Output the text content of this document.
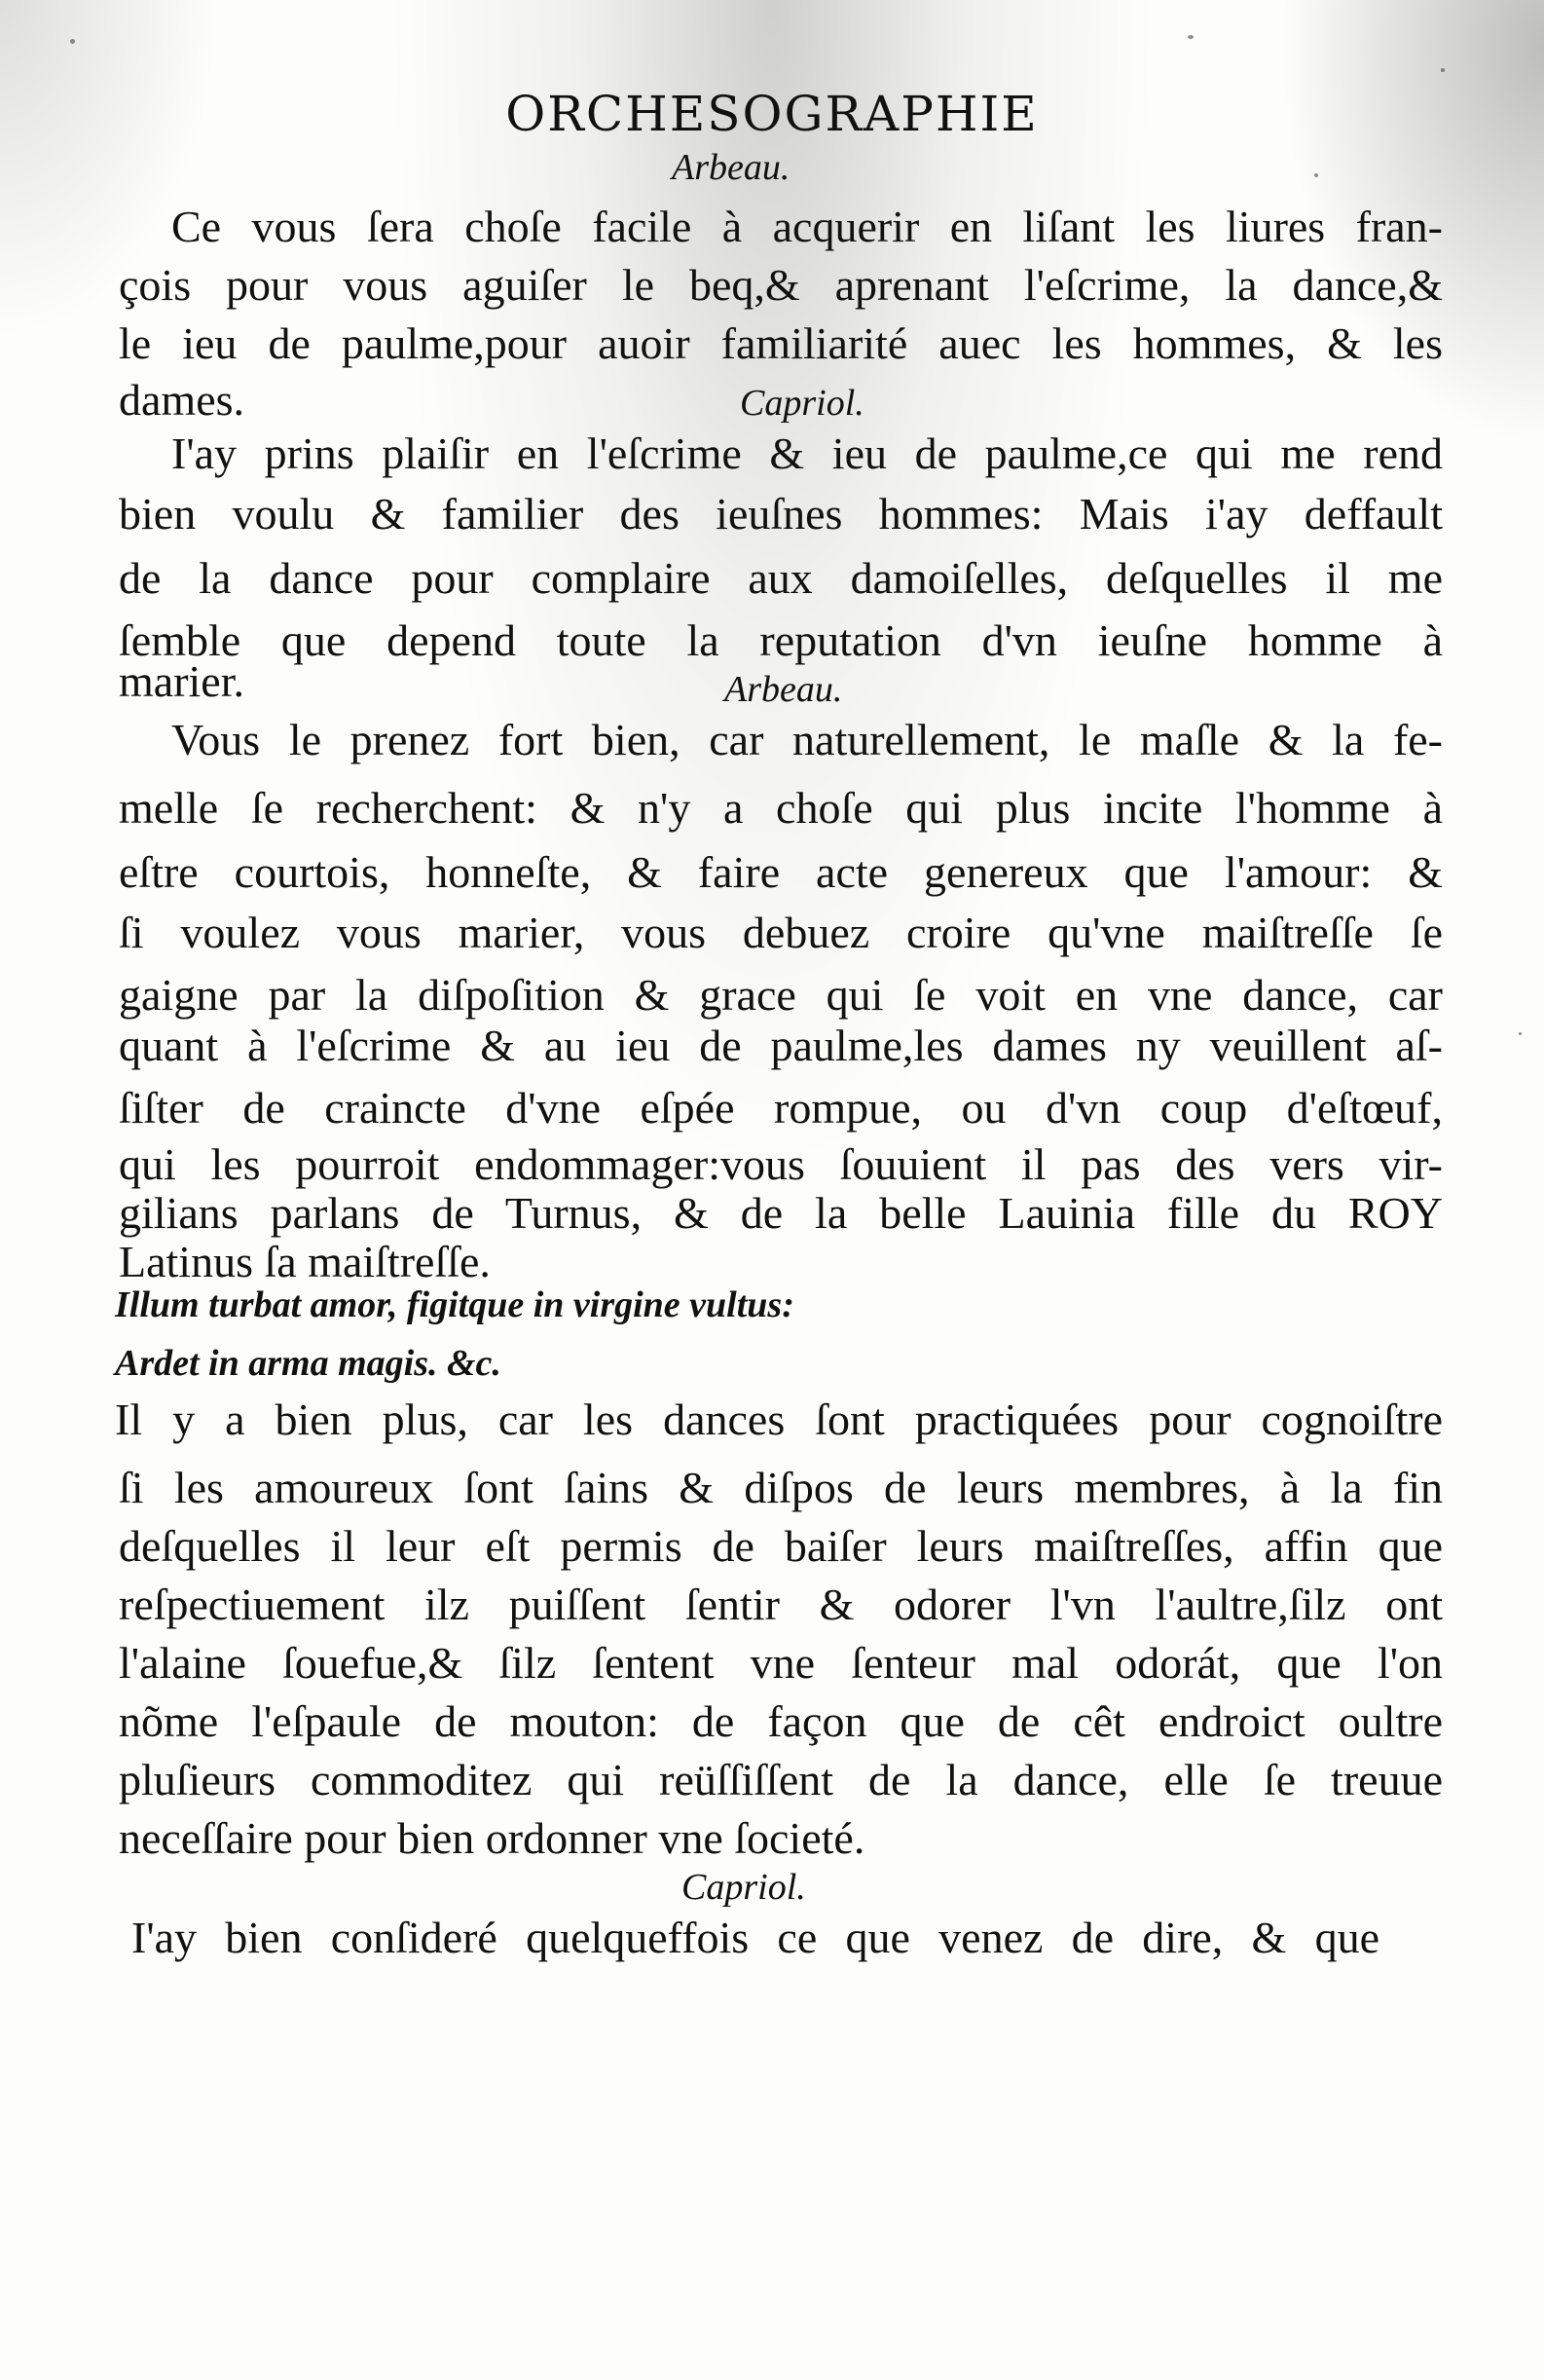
ORCHESOGRAPHIE
Arbeau.
Ce vous ſera choſe facile à acquerir en liſant les liures fran-
çois pour vous aguiſer le beq,& aprenant l'eſcrime, la dance,&
le ieu de paulme,pour auoir familiarité auec les hommes, & les
dames.	Capriol.
I'ay prins plaiſir en l'eſcrime & ieu de paulme,ce qui me rend
bien voulu & familier des ieuſnes hommes: Mais i'ay deffault
de la dance pour complaire aux damoiſelles, deſquelles il me
ſemble que depend toute la reputation d'vn ieuſne homme à
marier.	Arbeau.
Vous le prenez fort bien, car naturellement, le maſle & la fe-
melle ſe recherchent: & n'y a choſe qui plus incite l'homme à
eſtre courtois, honneſte, & faire acte genereux que l'amour: &
ſi voulez vous marier, vous debuez croire qu'vne maiſtreſſe ſe
gaigne par la diſpoſition & grace qui ſe voit en vne dance, car
quant à l'eſcrime & au ieu de paulme,les dames ny veuillent aſ-
ſiſter de craincte d'vne eſpée rompue, ou d'vn coup d'eſtœuf,
qui les pourroit endommager:vous ſouuient il pas des vers vir-
gilians parlans de Turnus, & de la belle Lauinia fille du ROY
Latinus ſa maiſtreſſe.
Illum turbat amor, figitque in virgine vultus:
Ardet in arma magis. &c.
Il y a bien plus, car les dances ſont practiquées pour cognoiſtre
ſi les amoureux ſont ſains & diſpos de leurs membres, à la fin
deſquelles il leur eſt permis de baiſer leurs maiſtreſſes, affin que
reſpectiuement ilz puiſſent ſentir & odorer l'vn l'aultre,ſilz ont
l'alaine ſouefue,& ſilz ſentent vne ſenteur mal odorát, que l'on
nõme l'eſpaule de mouton: de façon que de cêt endroict oultre
pluſieurs commoditez qui reüſſiſſent de la dance, elle ſe treuue
neceſſaire pour bien ordonner vne ſocieté.
Capriol.
I'ay bien conſideré quelqueffois ce que venez de dire, & que
